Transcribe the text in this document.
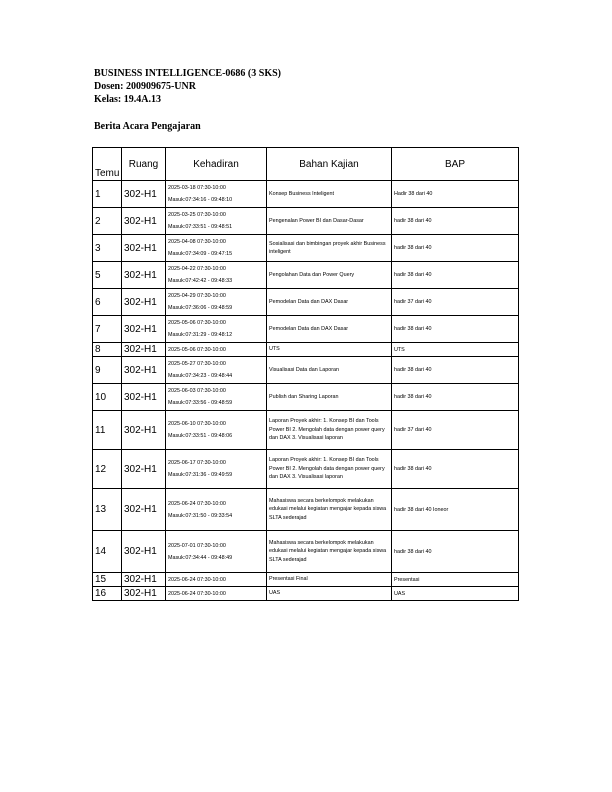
BUSINESS INTELLIGENCE-0686 (3 SKS)
Dosen: 200909675-UNR
Kelas: 19.4A.13
Berita Acara Pengajaran
Temu	Ruang	Kehadiran	Bahan Kajian	BAP
1	302-H1	2025-03-18 07:30-10:00
Masuk:07:34:16 - 09:48:10	Konsep Business Inteligent	Hadir 38 dari 40
2	302-H1	2025-03-25 07:30-10:00
Masuk:07:33:51 - 09:48:51	Pengenalan Power BI dan Dasar-Dasar	hadir 38 dari 40
3	302-H1	2025-04-08 07:30-10:00
Masuk:07:34:09 - 09:47:15	Sosialisasi dan bimbingan proyek akhir Business inteligent	hadir 38 dari 40
5	302-H1	2025-04-22 07:30-10:00
Masuk:07:42:42 - 09:48:33	Pengolahan Data dan Power Query	hadir 38 dari 40
6	302-H1	2025-04-29 07:30-10:00
Masuk:07:36:06 - 09:48:59	Pemodelan Data dan DAX Dasar	hadir 37 dari 40
7	302-H1	2025-05-06 07:30-10:00
Masuk:07:31:29 - 09:48:12	Pemodelan Data dan DAX Dasar	hadir 38 dari 40
8	302-H1	2025-05-06 07:30-10:00	UTS	UTS
9	302-H1	2025-05-27 07:30-10:00
Masuk:07:34:23 - 09:48:44	Visualisasi Data dan Laporan	hadir 38 dari 40
10	302-H1	2025-06-03 07:30-10:00
Masuk:07:33:56 - 09:48:59	Publish dan Sharing Laporan	hadir 38 dari 40
11	302-H1	2025-06-10 07:30-10:00
Masuk:07:33:51 - 09:48:06	Laporan Proyek akhir: 1. Konsep BI dan Tools Power BI 2. Mengolah data dengan power query dan DAX 3. Visualisasi laporan	hadir 37 dari 40
12	302-H1	2025-06-17 07:30-10:00
Masuk:07:31:36 - 09:49:59	Laporan Proyek akhir: 1. Konsep BI dan Tools Power BI 2. Mengolah data dengan power query dan DAX 3. Visualisasi laporan	hadir 38 dari 40
13	302-H1	2025-06-24 07:30-10:00
Masuk:07:31:50 - 09:33:54	Mahasiswa secara berkelompok melakukan edukasi melalui kegiatan mengajar kepada siswa SLTA sederajad	hadir 38 dari 40 Ioneor
14	302-H1	2025-07-01 07:30-10:00
Masuk:07:34:44 - 09:48:49	Mahasiswa secara berkelompok melakukan edukasi melalui kegiatan mengajar kepada siswa SLTA sederajad	hadir 38 dari 40
15	302-H1	2025-06-24 07:30-10:00	Presentasi Final	Presentasi
16	302-H1	2025-06-24 07:30-10:00	UAS	UAS
